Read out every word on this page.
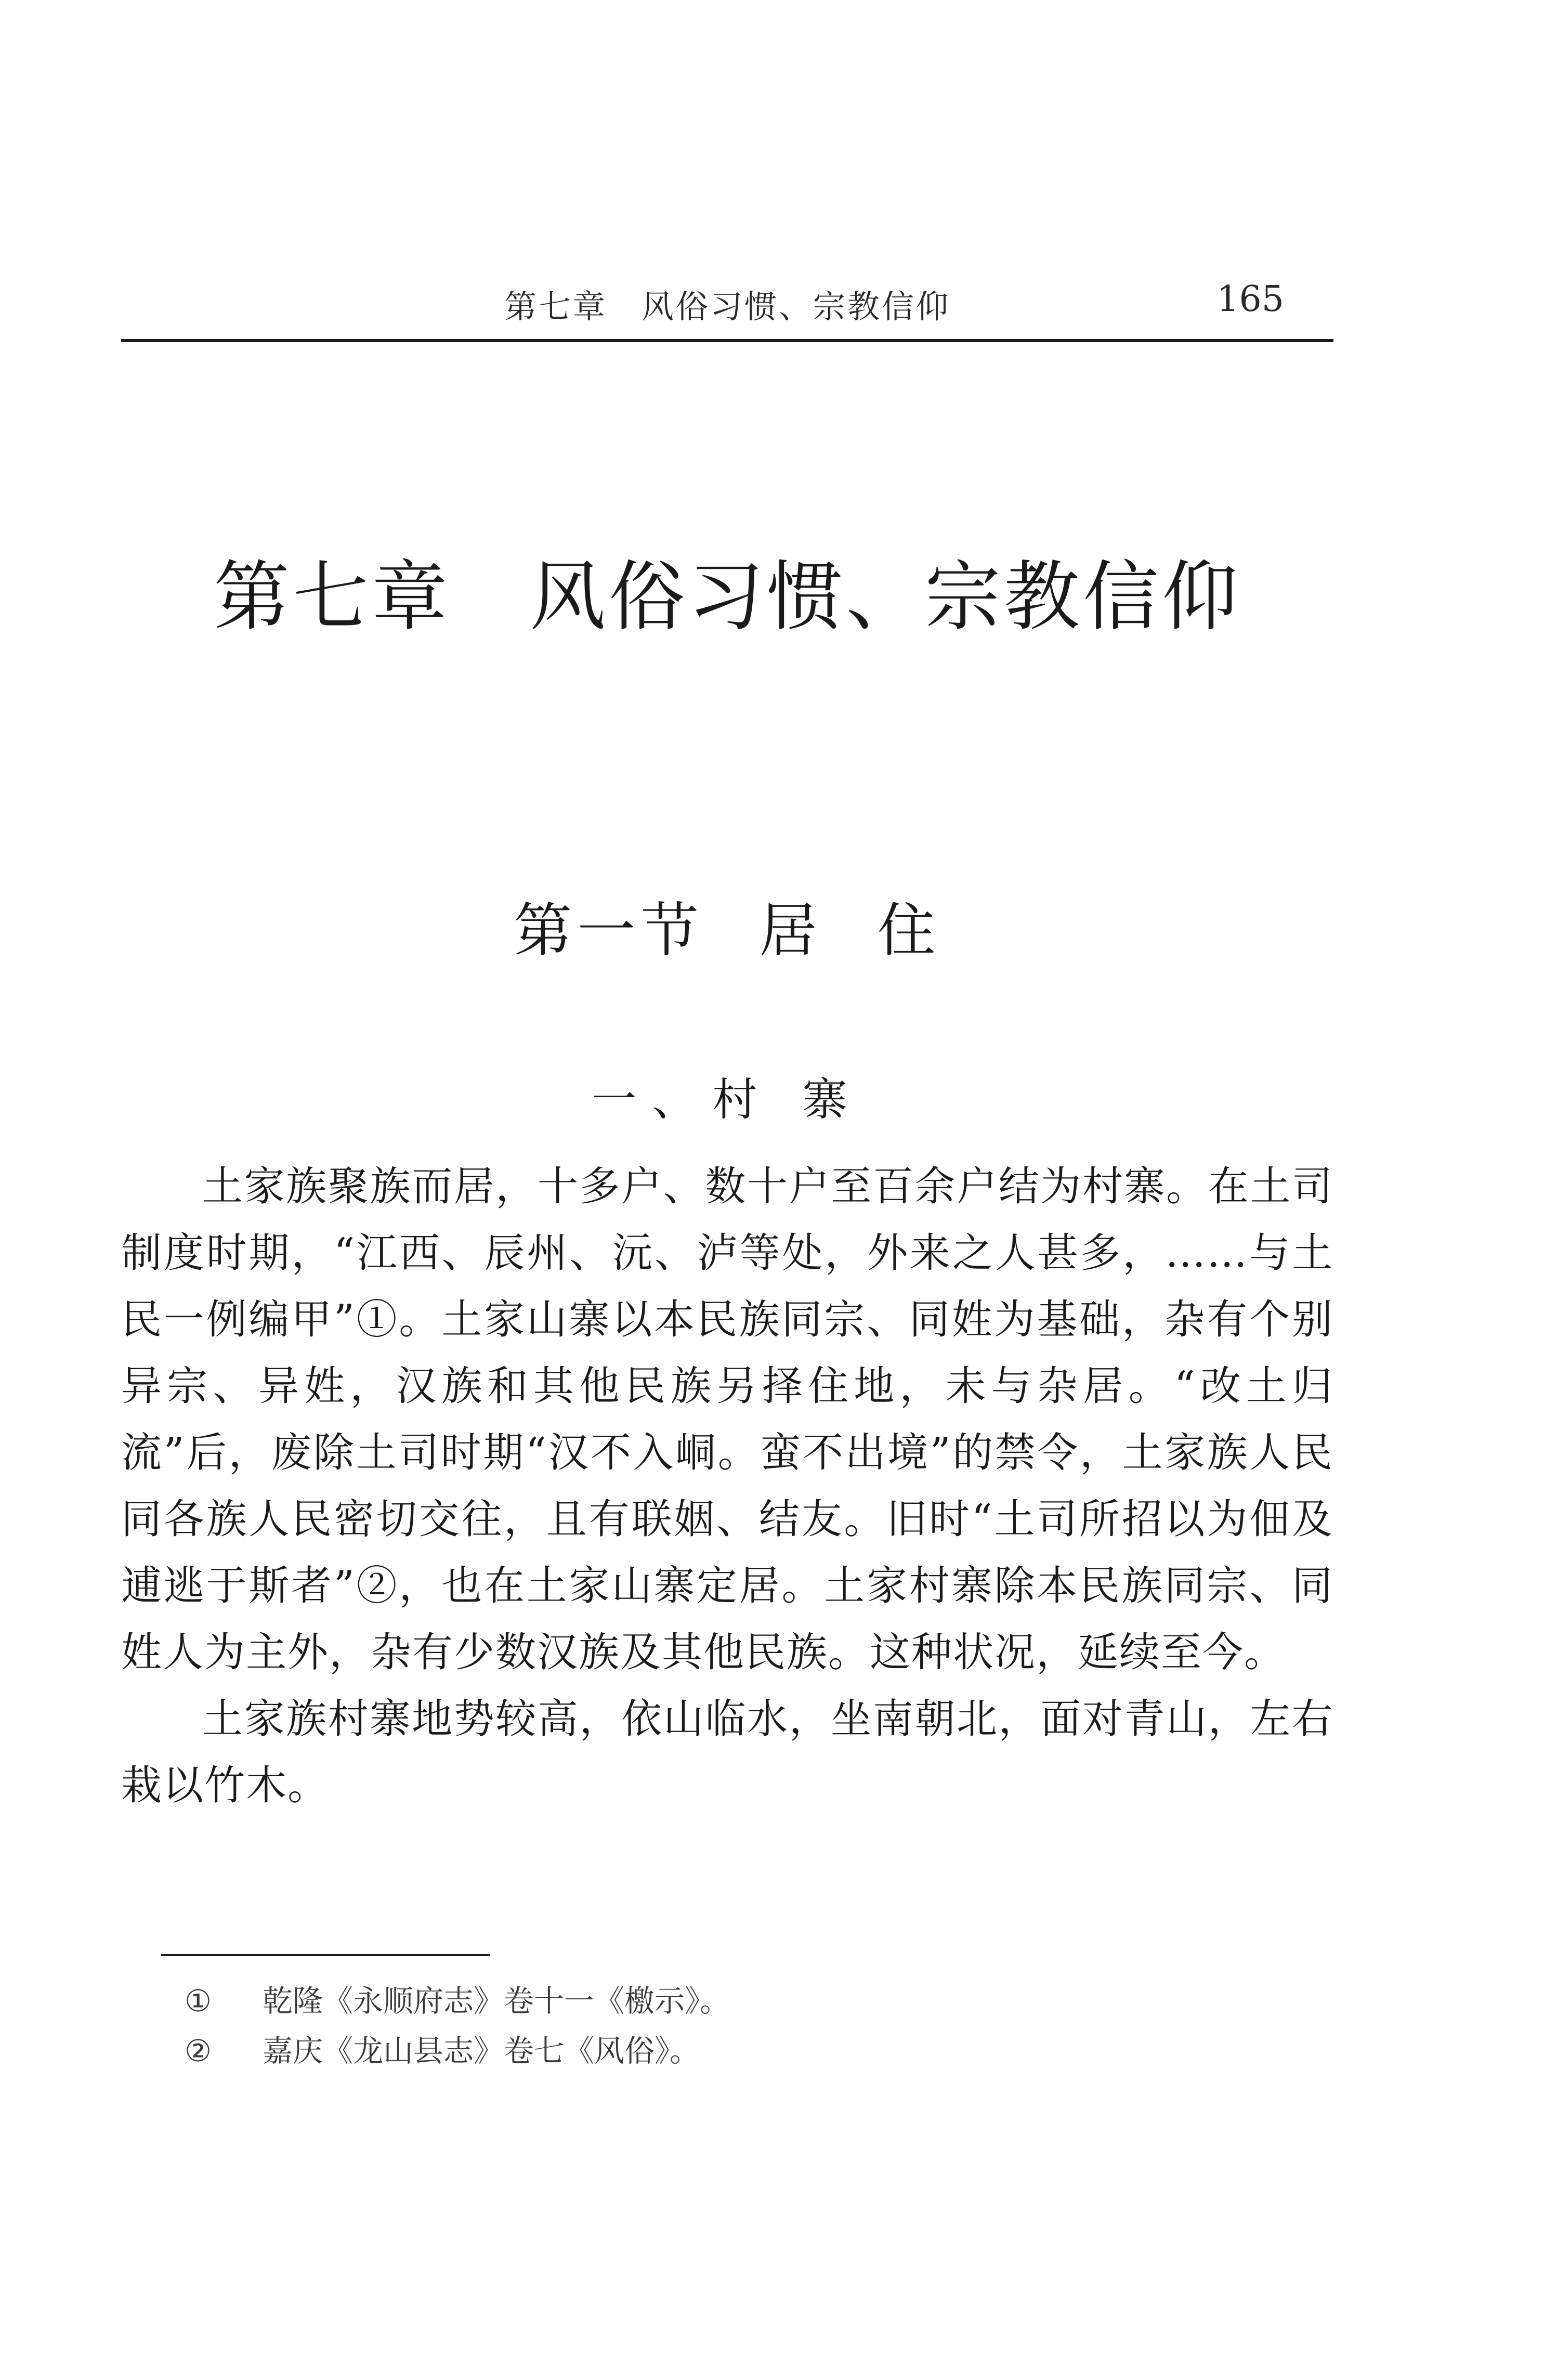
第七章　风俗习惯、宗教信仰	165
第七章　风俗习惯、宗教信仰
第一节 居 住
一、村 寨

土家族聚族而居，十多户、数十户至百余户结为村寨。在土司制度时期，“江西、辰州、沅、泸等处，外来之人甚多，……与土民一例编甲”①。土家山寨以本民族同宗、同姓为基础，杂有个别异宗、异姓，汉族和其他民族另择住地，未与杂居。“改土归流”后，废除土司时期“汉不入峒。蛮不出境”的禁令，土家族人民同各族人民密切交往，且有联姻、结友。旧时“土司所招以为佃及逋逃于斯者”②，也在土家山寨定居。土家村寨除本民族同宗、同姓人为主外，杂有少数汉族及其他民族。这种状况，延续至今。

土家族村寨地势较高，依山临水，坐南朝北，面对青山，左右栽以竹木。

① 乾隆《永顺府志》卷十一《檄示》。
② 嘉庆《龙山县志》卷七《风俗》。
